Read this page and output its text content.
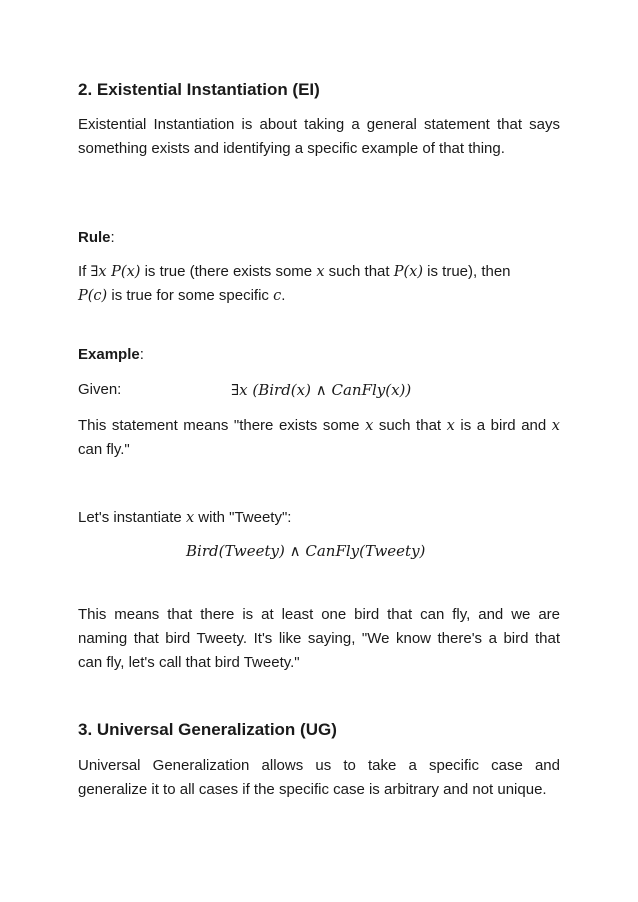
2. Existential Instantiation (EI)
Existential Instantiation is about taking a general statement that says something exists and identifying a specific example of that thing.
Rule:
If ∃x P(x) is true (there exists some x such that P(x) is true), then
P(c) is true for some specific c.
Example:
Given:	∃x (Bird(x) ∧ CanFly(x))
This statement means "there exists some x such that x is a bird and x can fly."
Let's instantiate x with "Tweety":
Bird(Tweety) ∧ CanFly(Tweety)
This means that there is at least one bird that can fly, and we are naming that bird Tweety. It's like saying, "We know there's a bird that can fly, let's call that bird Tweety."
3. Universal Generalization (UG)
Universal Generalization allows us to take a specific case and generalize it to all cases if the specific case is arbitrary and not unique.
